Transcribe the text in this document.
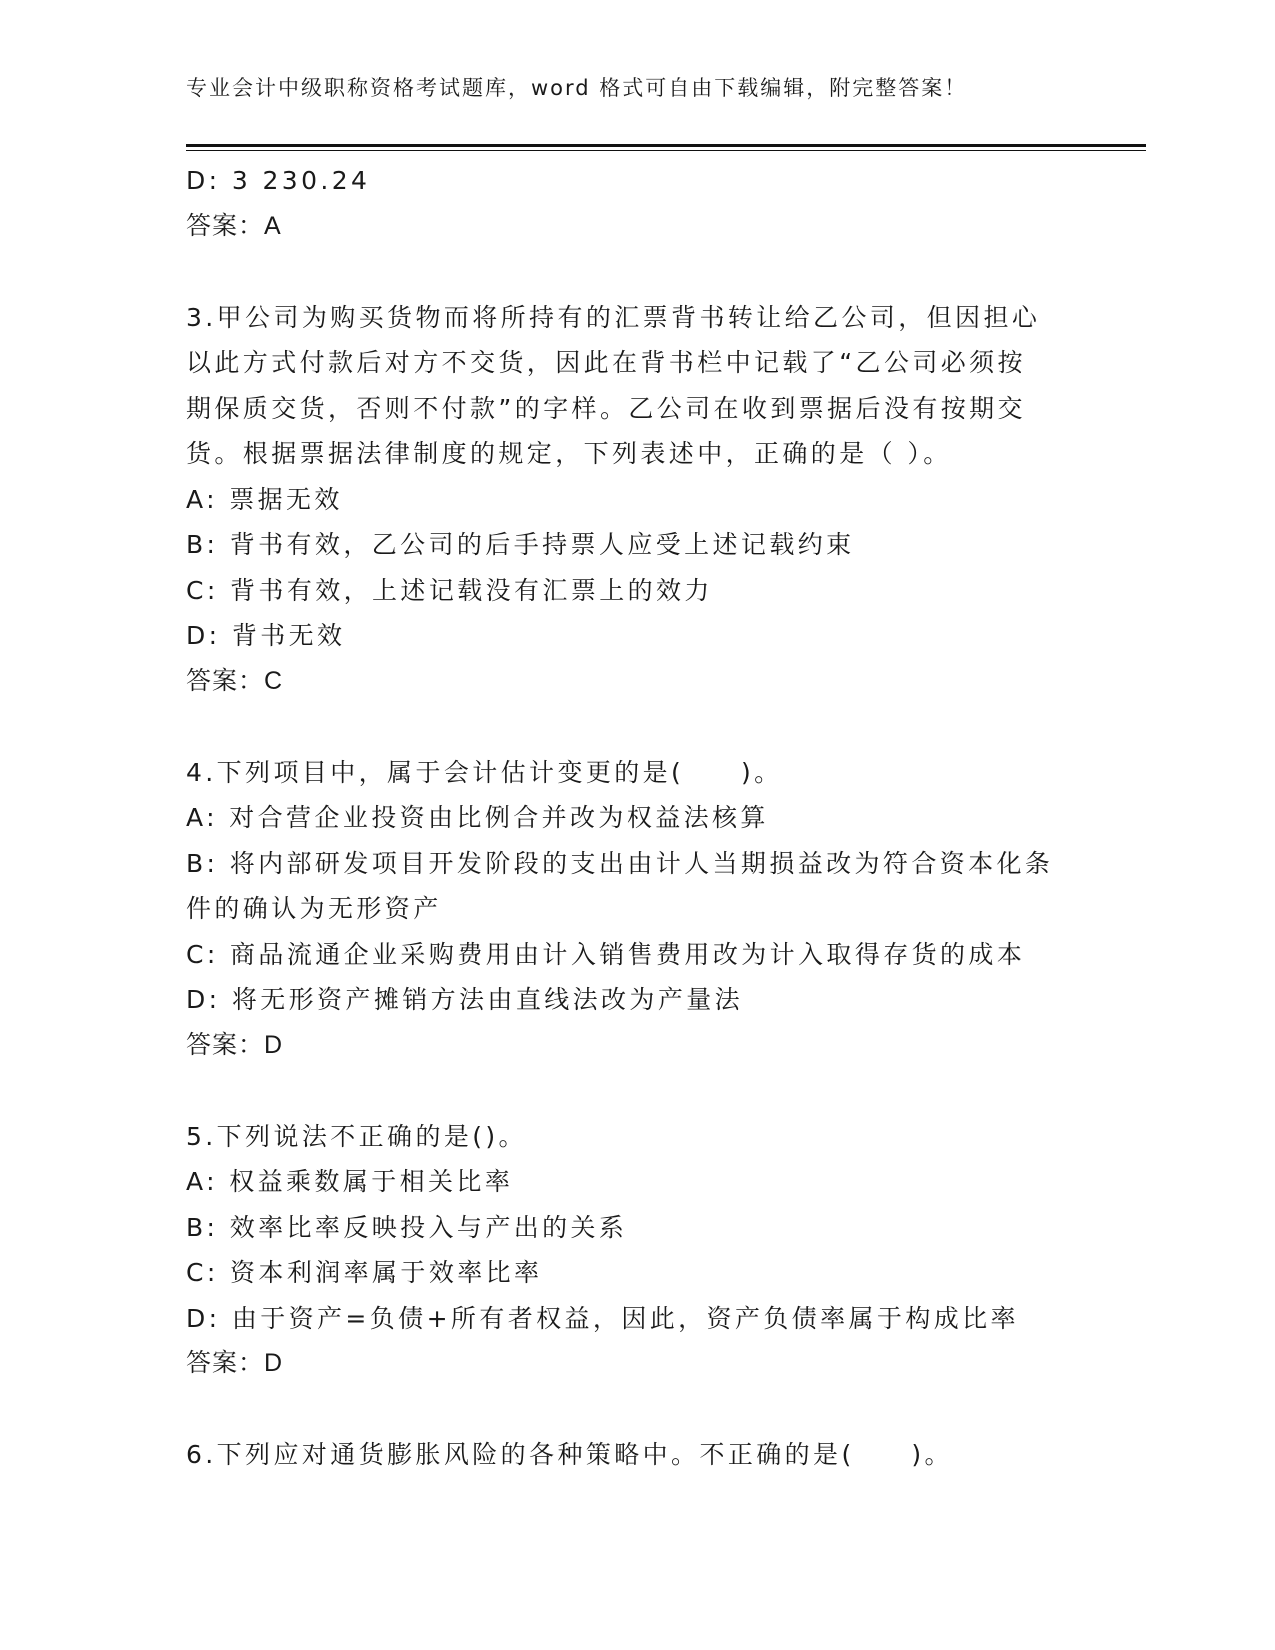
专业会计中级职称资格考试题库，word 格式可自由下载编辑，附完整答案！
D: 3 230.24
答案：A
3.甲公司为购买货物而将所持有的汇票背书转让给乙公司，但因担心
以此方式付款后对方不交货，因此在背书栏中记载了“乙公司必须按
期保质交货，否则不付款”的字样。乙公司在收到票据后没有按期交
货。根据票据法律制度的规定，下列表述中，正确的是（ ）。
A: 票据无效
B: 背书有效，乙公司的后手持票人应受上述记载约束
C: 背书有效，上述记载没有汇票上的效力
D: 背书无效
答案：C
4.下列项目中，属于会计估计变更的是(　　)。
A: 对合营企业投资由比例合并改为权益法核算
B: 将内部研发项目开发阶段的支出由计人当期损益改为符合资本化条
件的确认为无形资产
C: 商品流通企业采购费用由计入销售费用改为计入取得存货的成本
D: 将无形资产摊销方法由直线法改为产量法
答案：D
5.下列说法不正确的是()。
A: 权益乘数属于相关比率
B: 效率比率反映投入与产出的关系
C: 资本利润率属于效率比率
D: 由于资产=负债+所有者权益，因此，资产负债率属于构成比率
答案：D
6.下列应对通货膨胀风险的各种策略中。不正确的是(　　)。
